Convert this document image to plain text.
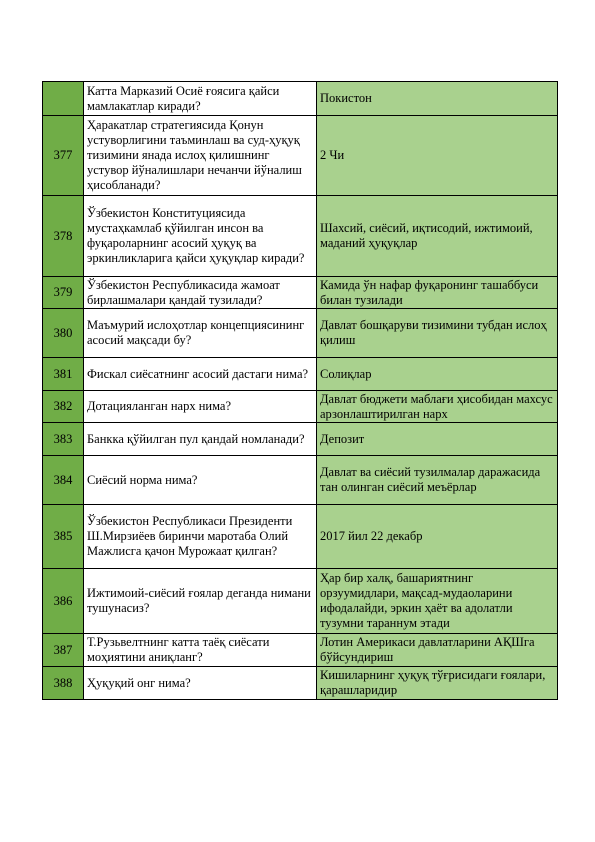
	Катта Марказий Осиё ғоясига қайси мамлакатлар киради?	Покистон
377	Ҳаракатлар стратегиясида Қонун устуворлигини таъминлаш ва суд-ҳуқуқ тизимини янада ислоҳ қилишнинг устувор йўналишлари нечанчи йўналиш ҳисобланади?	2 Чи
378	Ўзбекистон Конституциясида мустаҳкамлаб қўйилган инсон ва фуқароларнинг асосий ҳуқуқ ва эркинликларига қайси ҳуқуқлар киради?	Шахсий, сиёсий, иқтисодий, ижтимоий, маданий ҳуқуқлар
379	Ўзбекистон Республикасида жамоат бирлашмалари қандай тузилади?	Камида ўн нафар фуқаронинг ташаббуси билан тузилади
380	Маъмурий ислоҳотлар концепциясининг асосий мақсади бу?	Давлат бошқаруви тизимини тубдан ислоҳ қилиш
381	Фискал сиёсатнинг асосий дастаги нима?	Солиқлар
382	Дотацияланган нарх нима?	Давлат бюджети маблағи ҳисобидан махсус арзонлаштирилган нарх
383	Банкка қўйилган пул қандай номланади?	Депозит
384	Сиёсий норма нима?	Давлат ва сиёсий тузилмалар даражасида тан олинган сиёсий меъёрлар
385	Ўзбекистон Республикаси Президенти Ш.Мирзиёев биринчи маротаба Олий Мажлисга қачон Мурожаат қилган?	2017 йил 22 декабр
386	Ижтимоий-сиёсий ғоялар деганда нимани тушунасиз?	Ҳар бир халқ, башариятнинг орзуумидлари, мақсад-мудаоларини ифодалайди, эркин ҳаёт ва адолатли тузумни тараннум этади
387	Т.Рузьвелтнинг катта таёқ сиёсати моҳиятини аниқланг?	Лотин Америкаси давлатларини АҚШга бўйсундириш
388	Ҳуқуқий онг нима?	Кишиларнинг ҳуқуқ тўғрисидаги ғоялари, қарашларидир
